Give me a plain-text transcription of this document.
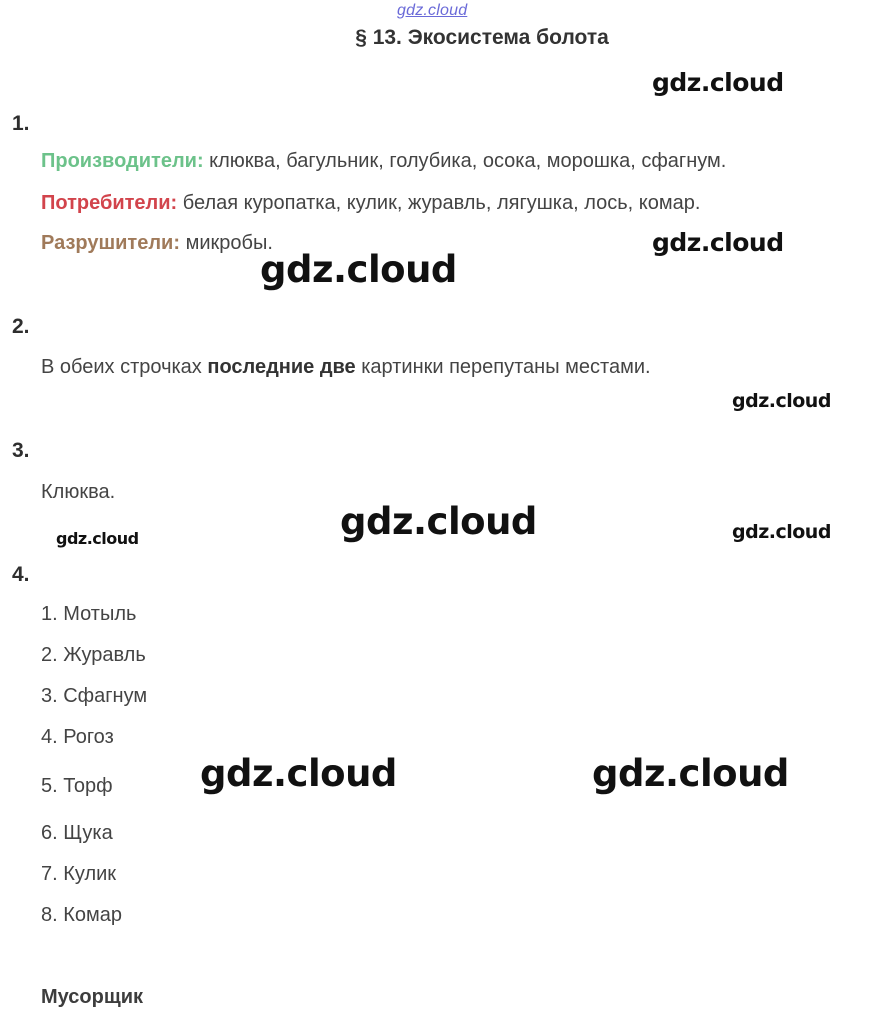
gdz.cloud
§ 13. Экосистема болота
1.
Производители: клюква, багульник, голубика, осока, морошка, сфагнум.
Потребители: белая куропатка, кулик, журавль, лягушка, лось, комар.
Разрушители: микробы.
2.
В обеих строчках последние две картинки перепутаны местами.
3.
Клюква.
4.
1. Мотыль
2. Журавль
3. Сфагнум
4. Рогоз
5. Торф
6. Щука
7. Кулик
8. Комар
Мусорщик
gdz.cloud
gdz.cloud
gdz.cloud
gdz.cloud
gdz.cloud	gdz.cloud
gdz.cloud
gdz.cloud	gdz.cloud
